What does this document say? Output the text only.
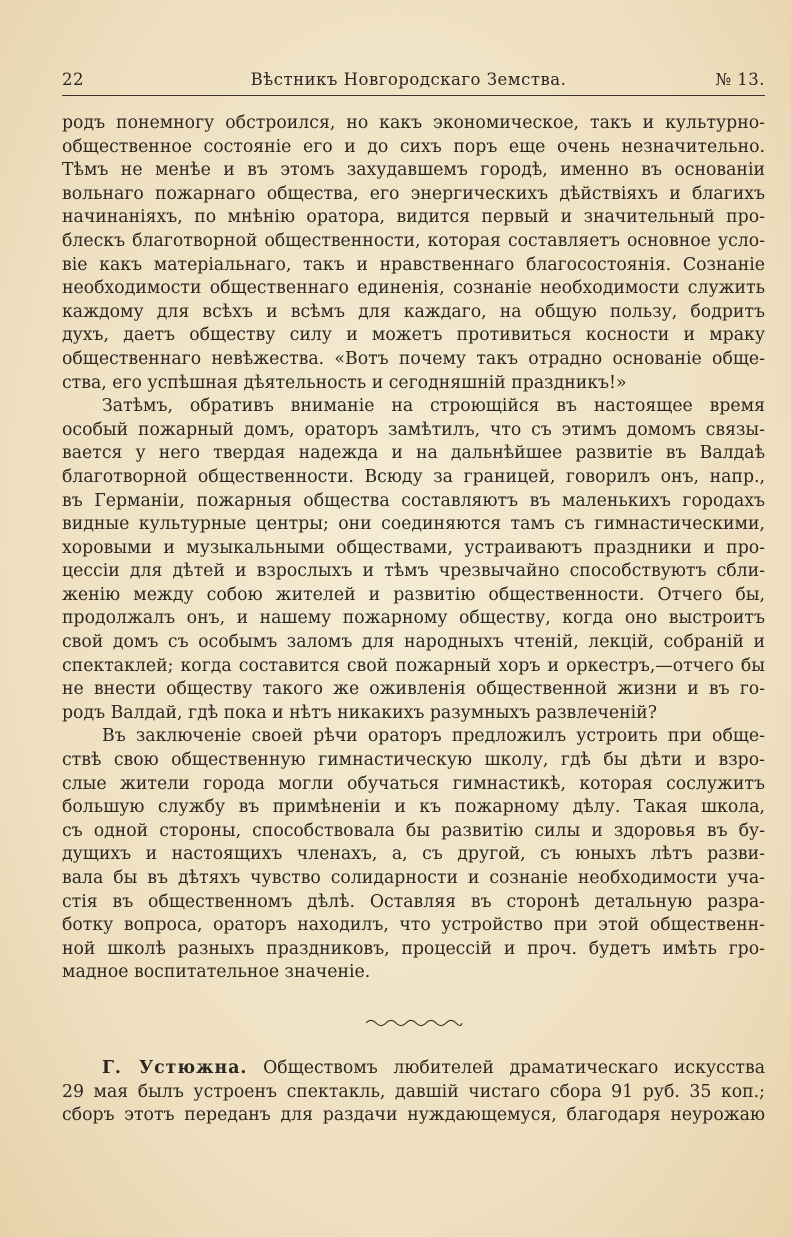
22	Вѣстникъ Новгородскаго Земства.	№ 13.
родъ понемногу обстроился, но какъ экономическое, такъ и культурно-
общественное состояніе его и до сихъ поръ еще очень незначительно.
Тѣмъ не менѣе и въ этомъ захудавшемъ городѣ, именно въ основаніи
вольнаго пожарнаго общества, его энергическихъ дѣйствіяхъ и благихъ
начинаніяхъ, по мнѣнію оратора, видится первый и значительный про-
блескъ благотворной общественности, которая составляетъ основное усло-
віе какъ матеріальнаго, такъ и нравственнаго благосостоянія. Сознаніе
необходимости общественнаго единенія, сознаніе необходимости служить
каждому для всѣхъ и всѣмъ для каждаго, на общую пользу, бодритъ
духъ, даетъ обществу силу и можетъ противиться косности и мраку
общественнаго невѣжества. «Вотъ почему такъ отрадно основаніе обще-
ства, его успѣшная дѣятельность и сегодняшній праздникъ!»
Затѣмъ, обративъ вниманіе на строющійся въ настоящее время
особый пожарный домъ, ораторъ замѣтилъ, что съ этимъ домомъ связы-
вается у него твердая надежда и на дальнѣйшее развитіе въ Валдаѣ
благотворной общественности. Всюду за границей, говорилъ онъ, напр.,
въ Германіи, пожарныя общества составляютъ въ маленькихъ городахъ
видные культурные центры; они соединяются тамъ съ гимнастическими,
хоровыми и музыкальными обществами, устраиваютъ праздники и про-
цессіи для дѣтей и взрослыхъ и тѣмъ чрезвычайно способствуютъ сбли-
женію между собою жителей и развитію общественности. Отчего бы,
продолжалъ онъ, и нашему пожарному обществу, когда оно выстроитъ
свой домъ съ особымъ заломъ для народныхъ чтеній, лекцій, собраній и
спектаклей; когда составится свой пожарный хоръ и оркестръ,—отчего бы
не внести обществу такого же оживленія общественной жизни и въ го-
родъ Валдай, гдѣ пока и нѣтъ никакихъ разумныхъ развлеченій?
Въ заключеніе своей рѣчи ораторъ предложилъ устроить при обще-
ствѣ свою общественную гимнастическую школу, гдѣ бы дѣти и взро-
слые жители города могли обучаться гимнастикѣ, которая сослужитъ
большую службу въ примѣненіи и къ пожарному дѣлу. Такая школа,
съ одной стороны, способствовала бы развитію силы и здоровья въ бу-
дущихъ и настоящихъ членахъ, а, съ другой, съ юныхъ лѣтъ разви-
вала бы въ дѣтяхъ чувство солидарности и сознаніе необходимости уча-
стія въ общественномъ дѣлѣ. Оставляя въ сторонѣ детальную разра-
ботку вопроса, ораторъ находилъ, что устройство при этой общественн-
ной школѣ разныхъ праздниковъ, процессій и проч. будетъ имѣть гро-
мадное воспитательное значеніе.
Г. Устюжна. Обществомъ любителей драматическаго искусства
29 мая былъ устроенъ спектакль, давшій чистаго сбора 91 руб. 35 коп.;
сборъ этотъ переданъ для раздачи нуждающемуся, благодаря неурожаю
